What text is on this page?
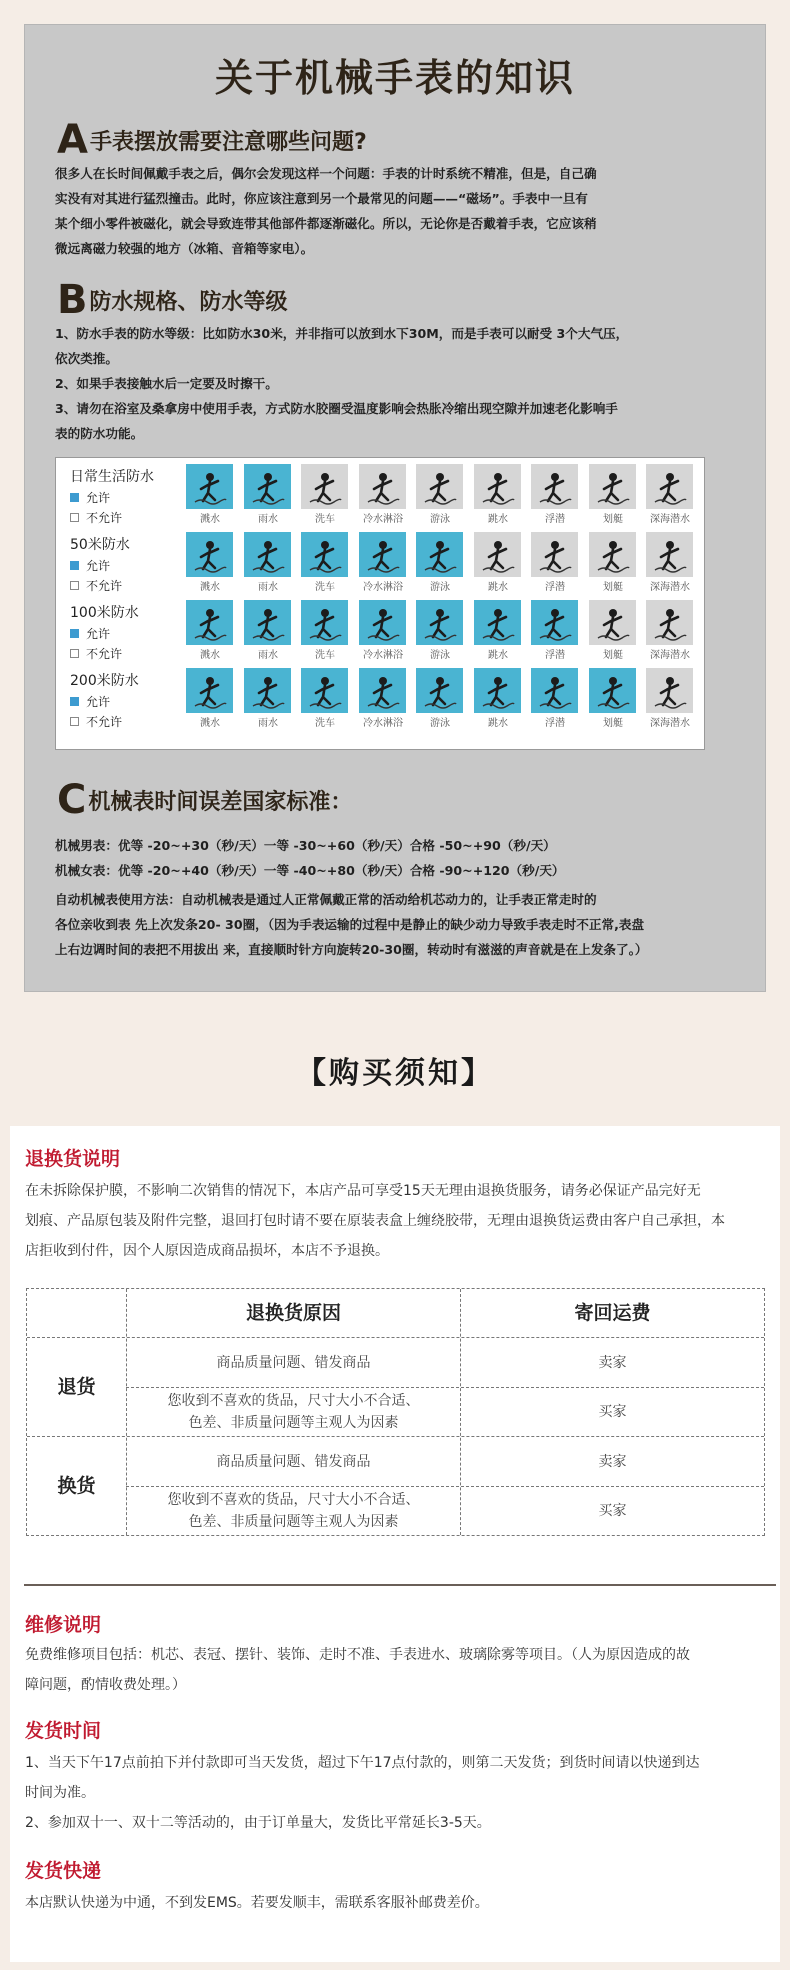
关于机械手表的知识
A手表摆放需要注意哪些问题?
很多人在长时间佩戴手表之后，偶尔会发现这样一个问题：手表的计时系统不精准，但是，自己确
实没有对其进行猛烈撞击。此时，你应该注意到另一个最常见的问题——“磁场”。手表中一旦有
某个细小零件被磁化，就会导致连带其他部件都逐渐磁化。所以，无论你是否戴着手表，它应该稍
微远离磁力较强的地方（冰箱、音箱等家电）。
B防水规格、防水等级
1、防水手表的防水等级：比如防水30米，并非指可以放到水下30M，而是手表可以耐受 3个大气压，
依次类推。
2、如果手表接触水后一定要及时擦干。
3、请勿在浴室及桑拿房中使用手表，方式防水胶圈受温度影响会热胀冷缩出现空隙并加速老化影响手
表的防水功能。
日常生活防水
允许
不允许	溅水	雨水	洗车	冷水淋浴	游泳	跳水	浮潜	划艇	深海潜水
50米防水
允许
不允许	溅水	雨水	洗车	冷水淋浴	游泳	跳水	浮潜	划艇	深海潜水
100米防水
允许
不允许	溅水	雨水	洗车	冷水淋浴	游泳	跳水	浮潜	划艇	深海潜水
200米防水
允许
不允许	溅水	雨水	洗车	冷水淋浴	游泳	跳水	浮潜	划艇	深海潜水
C机械表时间误差国家标准：
机械男表：优等 -20~+30（秒/天）一等 -30~+60（秒/天）合格 -50~+90（秒/天）
机械女表：优等 -20~+40（秒/天）一等 -40~+80（秒/天）合格 -90~+120（秒/天）
自动机械表使用方法：自动机械表是通过人正常佩戴正常的活动给机芯动力的，让手表正常走时的
各位亲收到表 先上次发条20- 30圈，（因为手表运输的过程中是静止的缺少动力导致手表走时不正常,表盘
上右边调时间的表把不用拔出 来，直接顺时针方向旋转20-30圈，转动时有滋滋的声音就是在上发条了。）
【购买须知】
退换货说明
在未拆除保护膜，不影响二次销售的情况下，本店产品可享受15天无理由退换货服务，请务必保证产品完好无
划痕、产品原包装及附件完整，退回打包时请不要在原装表盒上缠绕胶带，无理由退换货运费由客户自己承担，本
店拒收到付件，因个人原因造成商品损坏，本店不予退换。
退换货原因	寄回运费
退货
商品质量问题、错发商品	卖家
您收到不喜欢的货品，尺寸大小不合适、
色差、非质量问题等主观人为因素
买家
换货
商品质量问题、错发商品	卖家
您收到不喜欢的货品，尺寸大小不合适、
色差、非质量问题等主观人为因素
买家
维修说明
免费维修项目包括：机芯、表冠、摆针、装饰、走时不准、手表进水、玻璃除雾等项目。（人为原因造成的故
障问题，酌情收费处理。）
发货时间
1、当天下午17点前拍下并付款即可当天发货，超过下午17点付款的，则第二天发货；到货时间请以快递到达
时间为准。
2、参加双十一、双十二等活动的，由于订单量大，发货比平常延长3-5天。
发货快递
本店默认快递为中通，不到发EMS。若要发顺丰，需联系客服补邮费差价。
